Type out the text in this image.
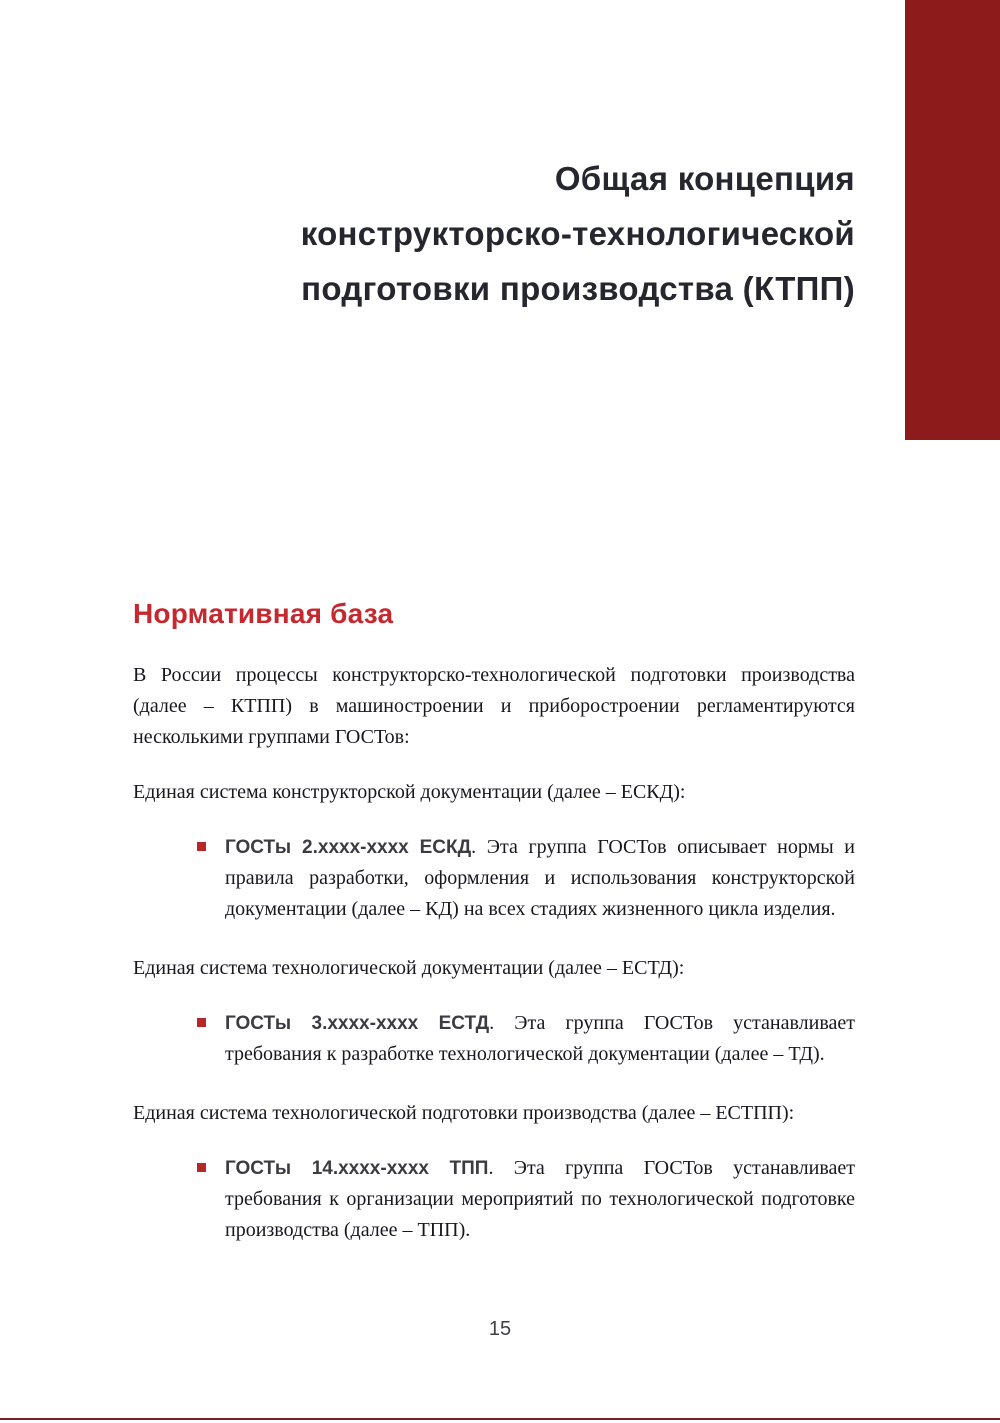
Общая концепция
конструкторско-технологической
подготовки производства (КТПП)
Нормативная база

В России процессы конструкторско-технологической подготовки производства (далее – КТПП) в машиностроении и приборостроении регламентируются несколькими группами ГОСТов:

Единая система конструкторской документации (далее – ЕСКД):

ГОСТы 2.xxxx-xxxx ЕСКД. Эта группа ГОСТов описывает нормы и правила разработки, оформления и использования конструкторской документации (далее – КД) на всех стадиях жизненного цикла изделия.

Единая система технологической документации (далее – ЕСТД):

ГОСТы 3.xxxx-xxxx ЕСТД. Эта группа ГОСТов устанавливает требования к разработке технологической документации (далее – ТД).

Единая система технологической подготовки производства (далее – ЕСТПП):

ГОСТы 14.xxxx-xxxx ТПП. Эта группа ГОСТов устанавливает требования к организации мероприятий по технологической подготовке производства (далее – ТПП).

15
